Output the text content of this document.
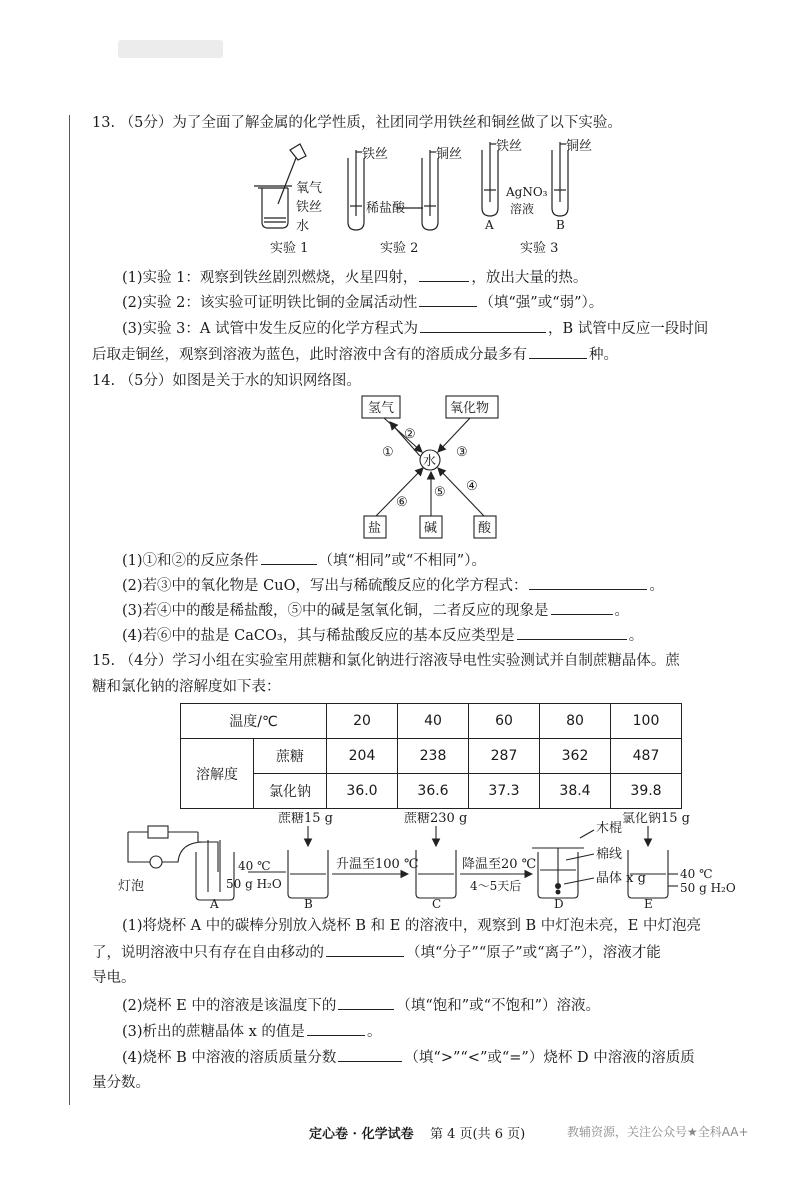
13. （5分）为了全面了解金属的化学性质，社团同学用铁丝和铜丝做了以下实验。
氧气
铁丝
水
实验 1
铁丝	铜丝
稀盐酸
实验 2
铁丝	铜丝
AgNO₃
溶液
A	B
实验 3
(1)实验 1：观察到铁丝剧烈燃烧，火星四射，	，放出大量的热。
(2)实验 2：该实验可证明铁比铜的金属活动性	（填“强”或“弱”）。
(3)实验 3：A 试管中发生反应的化学方程式为	，B 试管中反应一段时间
后取走铜丝，观察到溶液为蓝色，此时溶液中含有的溶质成分最多有	种。
14. （5分）如图是关于水的知识网络图。
氢气	氧化物
水
盐	碱	酸
①
②
③
④
⑤
⑥
(1)①和②的反应条件	（填“相同”或“不相同”）。
(2)若③中的氧化物是 CuO，写出与稀硫酸反应的化学方程式：	。
(3)若④中的酸是稀盐酸，⑤中的碱是氢氧化铜，二者反应的现象是	。
(4)若⑥中的盐是 CaCO₃，其与稀盐酸反应的基本反应类型是	。
15. （4分）学习小组在实验室用蔗糖和氯化钠进行溶液导电性实验测试并自制蔗糖晶体。蔗
糖和氯化钠的溶解度如下表：
温度/℃		20	40	60	80	100
溶解度	蔗糖	204	238	287	362	487
	氯化钠	36.0	36.6	37.3	38.4	39.8
灯泡
40 ℃
50 g H₂O
A
蔗糖15 g
B
升温至100 ℃
蔗糖230 g
C
降温至20 ℃
4～5天后
木棍
棉线
晶体 x g
D
氯化钠15 g
E
40 ℃
50 g H₂O
(1)将烧杯 A 中的碳棒分别放入烧杯 B 和 E 的溶液中，观察到 B 中灯泡未亮，E 中灯泡亮
了，说明溶液中只有存在自由移动的	（填“分子”“原子”或“离子”），溶液才能
导电。
(2)烧杯 E 中的溶液是该温度下的	（填“饱和”或“不饱和”）溶液。
(3)析出的蔗糖晶体 x 的值是	。
(4)烧杯 B 中溶液的溶质质量分数	（填“>”“<”或“=”）烧杯 D 中溶液的溶质质
量分数。
定心卷 · 化学试卷 第 4 页(共 6 页)	教辅资源，关注公众号★全科AA+
